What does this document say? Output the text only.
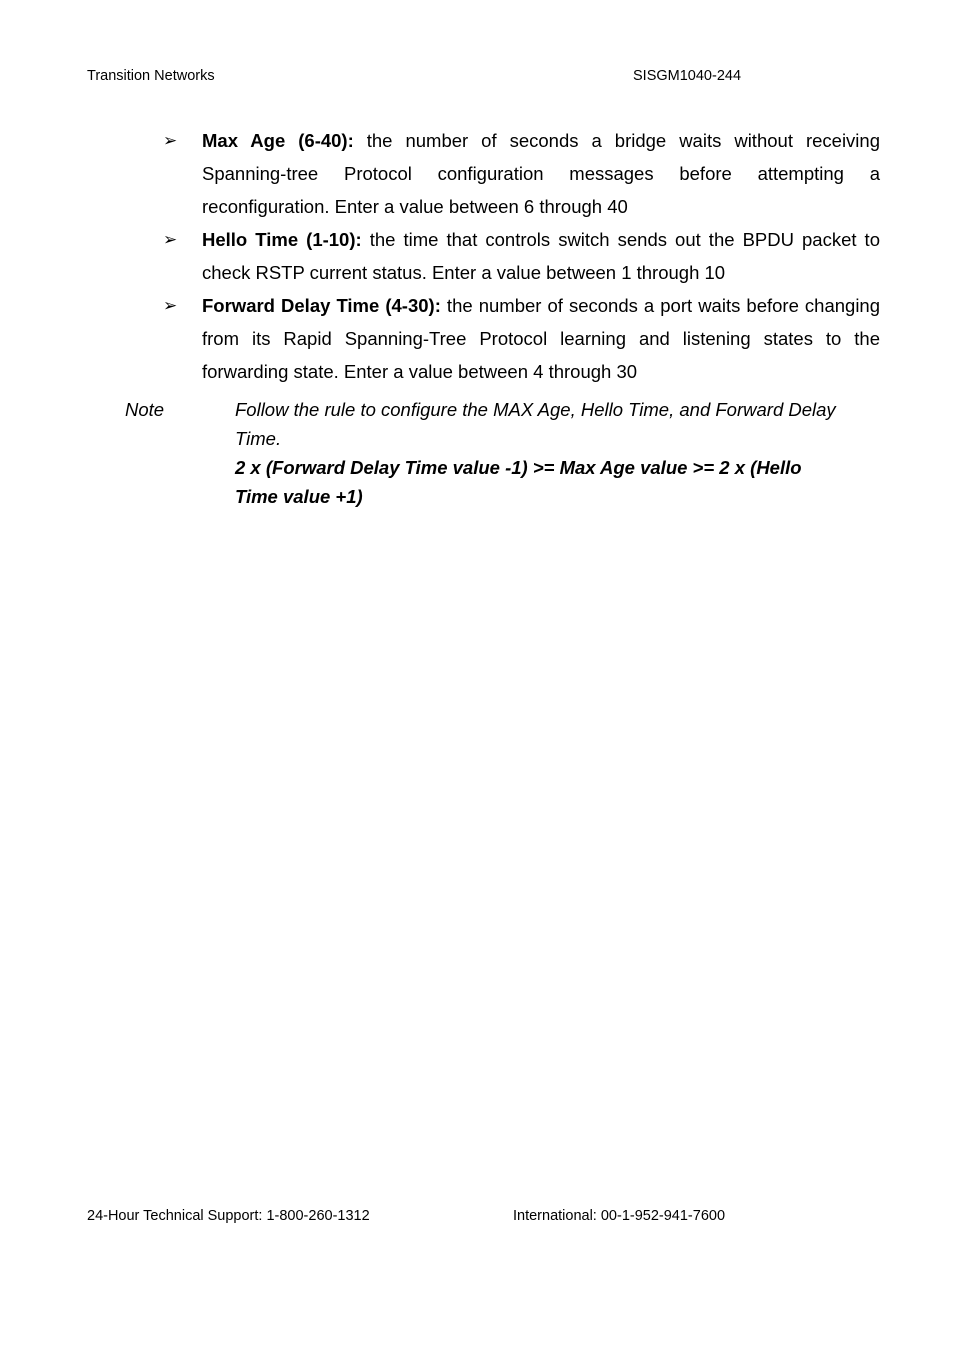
Transition Networks	SISGM1040-244
➢ Max Age (6-40): the number of seconds a bridge waits without receiving Spanning-tree Protocol configuration messages before attempting a reconfiguration. Enter a value between 6 through 40
➢ Hello Time (1-10): the time that controls switch sends out the BPDU packet to check RSTP current status. Enter a value between 1 through 10
➢ Forward Delay Time (4-30): the number of seconds a port waits before changing from its Rapid Spanning-Tree Protocol learning and listening states to the forwarding state. Enter a value between 4 through 30
Note	Follow the rule to configure the MAX Age, Hello Time, and Forward Delay Time.
2 x (Forward Delay Time value -1) >= Max Age value >= 2 x (Hello Time value +1)
24-Hour Technical Support: 1-800-260-1312	International: 00-1-952-941-7600
